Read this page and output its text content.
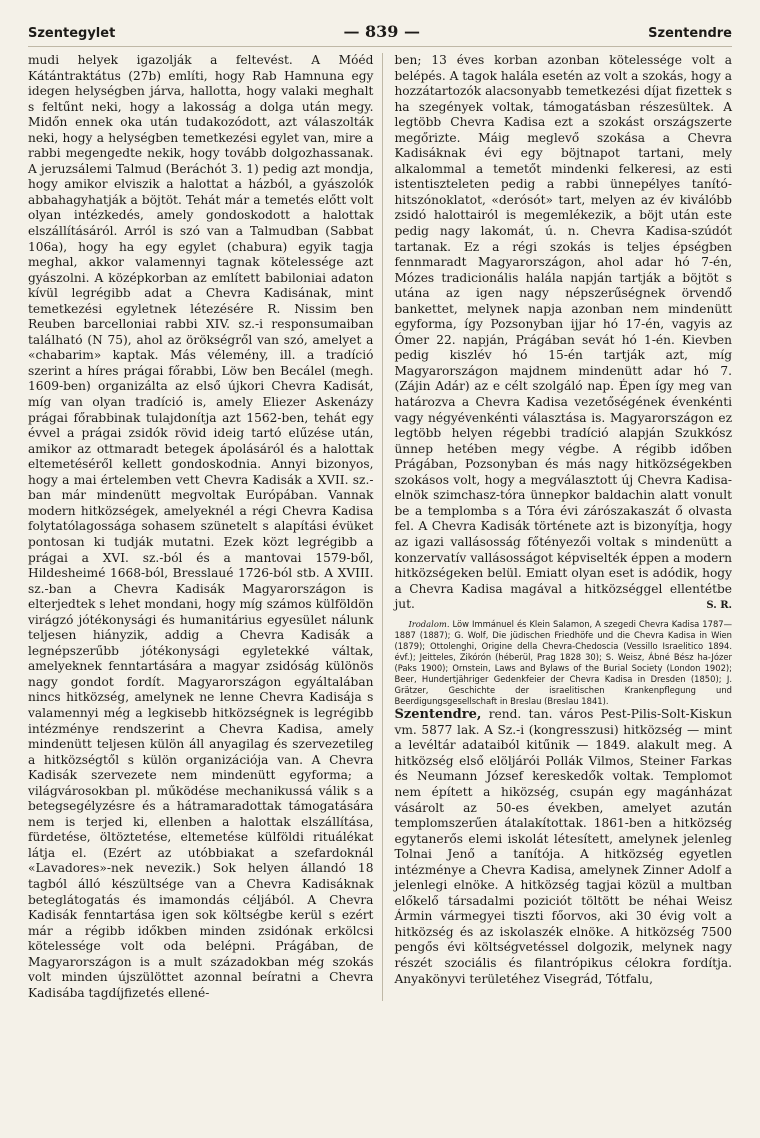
Szentegylet	— 839 —	Szentendre

mudi helyek igazolják a feltevést. A Móéd Kátántraktátus (27b) említi, hogy Rab Hamnuna egy idegen helységben járva, hallotta, hogy valaki meghalt s feltűnt neki, hogy a lakosság a dolga után megy. Midőn ennek oka után tudakozódott, azt válaszolták neki, hogy a helységben temetkezési egylet van, mire a rabbi megengedte nekik, hogy tovább dolgozhassanak. A jeruzsálemi Talmud (Beráchót 3. 1) pedig azt mondja, hogy amikor elviszik a halottat a házból, a gyászolók abbahagyhatják a böjtöt. Tehát már a temetés előtt volt olyan intézkedés, amely gondoskodott a halottak elszállításáról. Arról is szó van a Talmudban (Sabbat 106a), hogy ha egy egylet (chabura) egyik tagja meghal, akkor valamennyi tagnak kötelessége azt gyászolni. A középkorban az említett babiloniai adaton kívül legrégibb adat a Chevra Kadisának, mint temetkezési egyletnek létezésére R. Nissim ben Reuben barcelloniai rabbi XIV. sz.-i responsumaiban található (N 75), ahol az örökségről van szó, amelyet a «chabarim» kaptak. Más vélemény, ill. a tradíció szerint a híres prágai főrabbi, Löw ben Becálel (megh. 1609-ben) organizálta az első újkori Chevra Kadisát, míg van olyan tradíció is, amely Eliezer Askenázy prágai főrabbinak tulajdonítja azt 1562-ben, tehát egy évvel a prágai zsidók rövid ideig tartó elűzése után, amikor az ottmaradt betegek ápolásáról és a halottak eltemetéséről kellett gondoskodnia. Annyi bizonyos, hogy a mai értelemben vett Chevra Kadisák a XVII. sz.-ban már mindenütt megvoltak Európában. Vannak modern hitközségek, amelyeknél a régi Chevra Kadisa folytatólagossága sohasem szünetelt s alapítási évüket pontosan ki tudják mutatni. Ezek közt legrégibb a prágai a XVI. sz.-ból és a mantovai 1579-ből, Hildesheimé 1668-ból, Bresslaué 1726-ból stb. A XVIII. sz.-ban a Chevra Kadisák Magyarországon is elterjedtek s lehet mondani, hogy míg számos külföldön virágzó jótékonysági és humanitárius egyesület nálunk teljesen hiányzik, addig a Chevra Kadisák a legnépszerűbb jótékonysági egyletekké váltak, amelyeknek fenntartására a magyar zsidóság különös nagy gondot fordít. Magyarországon egyáltalában nincs hitközség, amelynek ne lenne Chevra Kadisája s valamennyi még a legkisebb hitközségnek is legrégibb intézménye rendszerint a Chevra Kadisa, amely mindenütt teljesen külön áll anyagilag és szervezetileg a hitközségtől s külön organizációja van. A Chevra Kadisák szervezete nem mindenütt egyforma; a világvárosokban pl. működése mechanikussá válik s a betegsegélyzésre és a hátramaradottak támogatására nem is terjed ki, ellenben a halottak elszállítása, fürdetése, öltöztetése, eltemetése külföldi rituálékat látja el. (Ezért az utóbbiakat a szefardoknál «Lavadores»-nek nevezik.) Sok helyen állandó 18 tagból álló készültsége van a Chevra Kadisáknak beteglátogatás és imamondás céljából. A Chevra Kadisák fenntartása igen sok költségbe kerül s ezért már a régibb időkben minden zsidónak erkölcsi kötelessége volt oda belépni. Prágában, de Magyarországon is a mult századokban még szokás volt minden újszülöttet azonnal beíratni a Chevra Kadisába tagdíjfizetés ellené-

ben; 13 éves korban azonban kötelessége volt a belépés. A tagok halála esetén az volt a szokás, hogy a hozzátartozók alacsonyabb temetkezési díjat fizettek s ha szegények voltak, támogatásban részesültek. A legtöbb Chevra Kadisa ezt a szokást országszerte megőrizte. Máig meglevő szokása a Chevra Kadisáknak évi egy böjtnapot tartani, mely alkalommal a temetőt mindenki felkeresi, az esti istentiszteleten pedig a rabbi ünnepélyes tanító-hitszónoklatot, «derósót» tart, melyen az év kiválóbb zsidó halottairól is megemlékezik, a böjt után este pedig nagy lakomát, ú. n. Chevra Kadisa-szúdót tartanak. Ez a régi szokás is teljes épségben fennmaradt Magyarországon, ahol adar hó 7-én, Mózes tradicionális halála napján tartják a böjtöt s utána az igen nagy népszerűségnek örvendő bankettet, melynek napja azonban nem mindenütt egyforma, így Pozsonyban ijjar hó 17-én, vagyis az Ómer 22. napján, Prágában sevát hó 1-én. Kievben pedig kiszlév hó 15-én tartják azt, míg Magyarországon majdnem mindenütt adar hó 7. (Zájin Adár) az e célt szolgáló nap. Épen így meg van határozva a Chevra Kadisa vezetőségének évenkénti vagy négyévenkénti választása is. Magyarországon ez legtöbb helyen régebbi tradíció alapján Szukkósz ünnep hetében megy végbe. A régibb időben Prágában, Pozsonyban és más nagy hitközségekben szokásos volt, hogy a megválasztott új Chevra Kadisa-elnök szimchasz-tóra ünnepkor baldachin alatt vonult be a templomba s a Tóra évi zárószakaszát ő olvasta fel. A Chevra Kadisák története azt is bizonyítja, hogy az igazi vallásosság főtényezői voltak s mindenütt a konzervatív vallásosságot képviselték éppen a modern hitközségeken belül. Emiatt olyan eset is adódik, hogy a Chevra Kadisa magával a hitközséggel ellentétbe jut.	S. R.

Irodalom. Löw Immánuel és Klein Salamon, A szegedi Chevra Kadisa 1787—1887 (1887); G. Wolf, Die jüdischen Friedhöfe und die Chevra Kadisa in Wien (1879); Ottolenghi, Origine della Chevra-Chedoscia (Vessillo Israelitico 1894. évf.); Jeitteles, Zikórón (héberül, Prag 1828 30); S. Weisz, Ábné Bész ha-Józer (Paks 1900); Ornstein, Laws and Bylaws of the Burial Society (London 1902); Beer, Hundertjähriger Gedenkfeier der Chevra Kadisa in Dresden (1850); J. Grätzer, Geschichte der israelitischen Krankenpflegung und Beerdigungsgesellschaft in Breslau (Breslau 1841).

Szentendre, rend. tan. város Pest-Pilis-Solt-Kiskun vm. 5877 lak. A Sz.-i (kongresszusi) hitközség — mint a levéltár adataiból kitűnik — 1849. alakult meg. A hitközség első elöljárói Pollák Vilmos, Steiner Farkas és Neumann József kereskedők voltak. Templomot nem épített a hiközség, csupán egy magánházat vásárolt az 50-es években, amelyet azután templomszerűen átalakítottak. 1861-ben a hitközség egytanerős elemi iskolát létesített, amelynek jelenleg Tolnai Jenő a tanítója. A hitközség egyetlen intézménye a Chevra Kadisa, amelynek Zinner Adolf a jelenlegi elnöke. A hitközség tagjai közül a multban előkelő társadalmi poziciót töltött be néhai Weisz Ármin vármegyei tiszti főorvos, aki 30 évig volt a hitközség és az iskolaszék elnöke. A hitközség 7500 pengős évi költségvetéssel dolgozik, melynek nagy részét szociális és filantrópikus célokra fordítja. Anyakönyvi területéhez Visegrád, Tótfalu,
